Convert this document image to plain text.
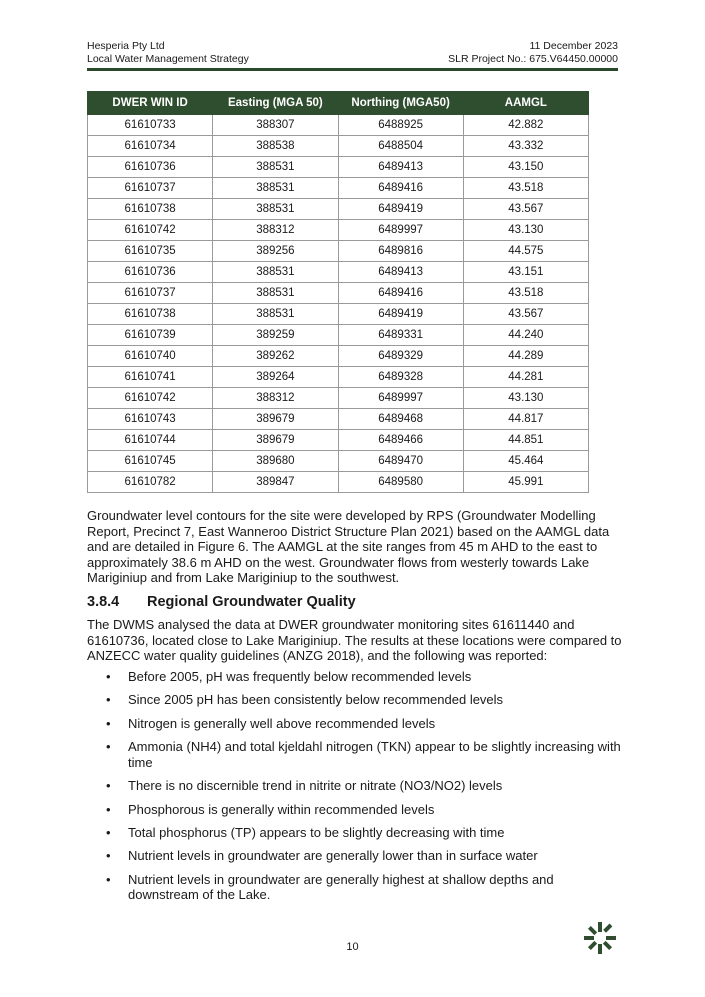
Hesperia Pty Ltd
Local Water Management Strategy
11 December 2023
SLR Project No.: 675.V64450.00000
DWER WIN ID	Easting (MGA 50)	Northing (MGA50)	AAMGL
61610733	388307	6488925	42.882
61610734	388538	6488504	43.332
61610736	388531	6489413	43.150
61610737	388531	6489416	43.518
61610738	388531	6489419	43.567
61610742	388312	6489997	43.130
61610735	389256	6489816	44.575
61610736	388531	6489413	43.151
61610737	388531	6489416	43.518
61610738	388531	6489419	43.567
61610739	389259	6489331	44.240
61610740	389262	6489329	44.289
61610741	389264	6489328	44.281
61610742	388312	6489997	43.130
61610743	389679	6489468	44.817
61610744	389679	6489466	44.851
61610745	389680	6489470	45.464
61610782	389847	6489580	45.991
Groundwater level contours for the site were developed by RPS (Groundwater Modelling Report, Precinct 7, East Wanneroo District Structure Plan 2021) based on the AAMGL data and are detailed in Figure 6. The AAMGL at the site ranges from 45 m AHD to the east to approximately 38.6 m AHD on the west. Groundwater flows from westerly towards Lake Mariginiup and from Lake Mariginiup to the southwest.
3.8.4 Regional Groundwater Quality
The DWMS analysed the data at DWER groundwater monitoring sites 61611440 and 61610736, located close to Lake Mariginiup. The results at these locations were compared to ANZECC water quality guidelines (ANZG 2018), and the following was reported:
• Before 2005, pH was frequently below recommended levels
• Since 2005 pH has been consistently below recommended levels
• Nitrogen is generally well above recommended levels
• Ammonia (NH4) and total kjeldahl nitrogen (TKN) appear to be slightly increasing with time
• There is no discernible trend in nitrite or nitrate (NO3/NO2) levels
• Phosphorous is generally within recommended levels
• Total phosphorus (TP) appears to be slightly decreasing with time
• Nutrient levels in groundwater are generally lower than in surface water
• Nutrient levels in groundwater are generally highest at shallow depths and downstream of the Lake.
10
